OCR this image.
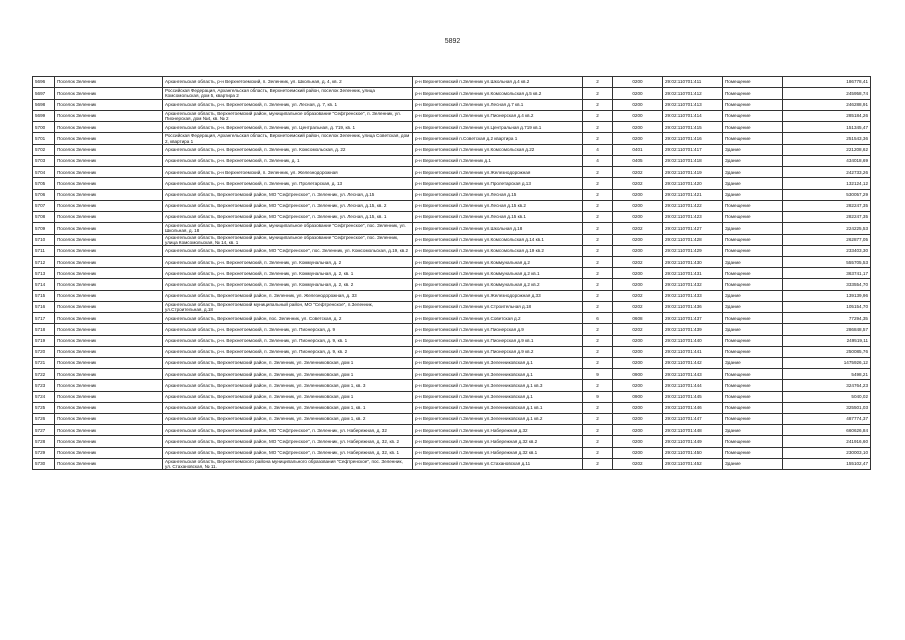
5892
5696	Поселок Зеленник	Архангельская область, р-н Верхнетоемский, п. Зеленник, ул. Школьная, д. 4, кв. 2	р-н Верхнетоемский п.Зеленник ул.Школьная д.4 кв.2	2	0200	29:02:110701:411	Помещение	186778,41
5697	Поселок Зеленник	Российская Федерация, Архангельская область, Верхнетоемский район, поселок Зеленник, улица Комсомольская, дом 5, квартира 2	р-н Верхнетоемский п.Зеленник ул.Комсомольская д.5 кв.2	2	0200	29:02:110701:412	Помещение	245958,74
5698	Поселок Зеленник	Архангельская область, р-н. Верхнетоемский, п. Зеленник, ул. Лесная, д. 7, кв. 1	р-н Верхнетоемский п.Зеленник ул.Лесная д.7 кв.1	2	0200	29:02:110701:413	Помещение	246288,91
5699	Поселок Зеленник	Архангельская область, Верхнетоемский район, муниципальное образование "Сефтренское", п. Зеленник, ул. Пионерская, дом №4, кв. № 2	р-н Верхнетоемский п.Зеленник ул.Пионерская д.4 кв.2	2	0200	29:02:110701:414	Помещение	285184,26
5700	Поселок Зеленник	Архангельская область, р-н. Верхнетоемский, п. Зеленник, ул. Центральная, д. 719, кв. 1	р-н Верхнетоемский п.Зеленник ул.Центральная д.719 кв.1	2	0200	29:02:110701:415	Помещение	151345,47
5701	Поселок Зеленник	Российская Федерация, Архангельская область, Верхнетоемский район, поселок Зеленник, улица Советская, дом 2, квартира 1	р-н Верхнетоемский п.Советская д.2 квартира 1	2	0200	29:02:110701:416	Помещение	251543,36
5702	Поселок Зеленник	Архангельская область, р-н. Верхнетоемский, п. Зеленник, ул. Комсомольская, д. 22	р-н Верхнетоемский п.Зеленник ул.Комсомольская д.22	4	0401	29:02:110701:417	Здание	221208,62
5703	Поселок Зеленник	Архангельская область, р-н. Верхнетоемский, п. Зеленник, д. 1	р-н Верхнетоемский п.Зеленник д.1	4	0405	29:02:110701:418	Здание	434018,69
5704	Поселок Зеленник	Архангельская область, р-н Верхнетоемский, п. Зеленник, ул. Железнодорожная	р-н Верхнетоемский п.Зеленник ул.Железнодорожная	2	0202	29:02:110701:419	Здание	242733,26
5705	Поселок Зеленник	Архангельская область, р-н. Верхнетоемский, п. Зеленник, ул. Пролетарская, д. 13	р-н Верхнетоемский п.Зеленник ул.Пролетарская д.13	2	0202	29:02:110701:420	Здание	132124,12
5706	Поселок Зеленник	Архангельская область, Верхнетоемский район, МО "Сефтренское", п. Зеленник, ул. Лесная, д.15	р-н Верхнетоемский п.Зеленник ул.Лесная д.15	2	0200	29:02:110701:421	Здание	530057,29
5707	Поселок Зеленник	Архангельская область, Верхнетоемский район, МО "Сефтренское", п. Зеленник, ул. Лесная, д.15, кв. 2	р-н Верхнетоемский п.Зеленник ул.Лесная д.15 кв.2	2	0200	29:02:110701:422	Помещение	282247,35
5708	Поселок Зеленник	Архангельская область, Верхнетоемский район, МО "Сефтренское", п. Зеленник, ул. Лесная, д.15, кв. 1	р-н Верхнетоемский п.Зеленник ул.Лесная д.15 кв.1	2	0200	29:02:110701:423	Помещение	282247,35
5709	Поселок Зеленник	Архангельская область, Верхнетоемский район, муниципальное образование "Сефтренское", пос. Зеленник, ул. Школьная, д. 18	р-н Верхнетоемский п.Зеленник ул.Школьная д.18	2	0202	29:02:110701:427	Здание	224225,53
5710	Поселок Зеленник	Архангельская область, Верхнетоемский район, муниципальное образование "Сефтренское", пос. Зеленник, улица Комсомольская, № 14, кв. 1	р-н Верхнетоемский п.Зеленник ул.Комсомольская д.14 кв.1	2	0200	29:02:110701:428	Помещение	262877,05
5711	Поселок Зеленник	Архангельская область, Верхнетоемский район, МО "Сефтренское", пос. Зеленник, ул. Комсомольская, д.19, кв.2	р-н Верхнетоемский п.Зеленник ул.Комсомольская д.19 кв.2	2	0200	29:02:110701:429	Помещение	233403,30
5712	Поселок Зеленник	Архангельская область, р-н. Верхнетоемский, п. Зеленник, ул. Коммунальная, д. 2	р-н Верхнетоемский п.Зеленник ул.Коммунальная д.2	2	0202	29:02:110701:430	Здание	555705,53
5713	Поселок Зеленник	Архангельская область, р-н. Верхнетоемский, п. Зеленник, ул. Коммунальная, д. 2, кв. 1	р-н Верхнетоемский п.Зеленник ул.Коммунальная д.2 кв.1	2	0200	29:02:110701:431	Помещение	363741,17
5714	Поселок Зеленник	Архангельская область, р-н. Верхнетоемский, п. Зеленник, ул. Коммунальная, д. 2, кв. 2	р-н Верхнетоемский п.Зеленник ул.Коммунальная д.2 кв.2	2	0200	29:02:110701:432	Помещение	333554,70
5715	Поселок Зеленник	Архангельская область, Верхнетоемский район, п. Зеленник, ул. Железнодорожная, д. 33	р-н Верхнетоемский п.Зеленник ул.Железнодорожная д.33	2	0202	29:02:110701:433	Здание	139139,96
5716	Поселок Зеленник	Архангельская область, Верхнетоемский муниципальный район, МО "Сефтренское", п.Зеленник, ул.Строительная, д.18	р-н Верхнетоемский п.Зеленник ул.Строительная д.18	2	0202	29:02:110701:436	Здание	105154,70
5717	Поселок Зеленник	Архангельская область, Верхнетоемский район, пос. Зеленник, ул. Советская, д. 2	р-н Верхнетоемский п.Зеленник ул.Советская д.2	6	0608	29:02:110701:437	Помещение	77294,35
5718	Поселок Зеленник	Архангельская область, р-н. Верхнетоемский, п. Зеленник, ул. Пионерская, д. 9	р-н Верхнетоемский п.Зеленник ул.Пионерская д.9	2	0202	29:02:110701:439	Здание	286848,57
5719	Поселок Зеленник	Архангельская область, р-н. Верхнетоемский, п. Зеленник, ул. Пионерская, д. 9, кв. 1	р-н Верхнетоемский п.Зеленник ул.Пионерская д.9 кв.1	2	0200	29:02:110701:440	Помещение	249519,11
5720	Поселок Зеленник	Архангельская область, р-н. Верхнетоемский, п. Зеленник, ул. Пионерская, д. 9, кв. 2	р-н Верхнетоемский п.Зеленник ул.Пионерская д.9 кв.2	2	0200	29:02:110701:441	Помещение	250085,76
5721	Поселок Зеленник	Архангельская область, Верхнетоемский район, п. Зеленник, ул. Зеленниковская, дом 1	р-н Верхнетоемский п.Зеленник ул.Зеленниковская д.1	2	0200	29:02:110701:442	Здание	1475926,12
5722	Поселок Зеленник	Архангельская область, Верхнетоемский район, п. Зеленник, ул. Зеленниковская, дом 1	р-н Верхнетоемский п.Зеленник ул.Зеленниковская д.1	9	0900	29:02:110701:443	Помещение	5498,21
5723	Поселок Зеленник	Архангельская область, Верхнетоемский район, п. Зеленник, ул. Зеленниковская, дом 1, кв. 3	р-н Верхнетоемский п.Зеленник ул.Зеленниковская д.1 кв.3	2	0200	29:02:110701:444	Помещение	324764,23
5724	Поселок Зеленник	Архангельская область, Верхнетоемский район, п. Зеленник, ул. Зеленниковская, дом 1	р-н Верхнетоемский п.Зеленник ул.Зеленниковская д.1	9	0900	29:02:110701:445	Помещение	5040,02
5725	Поселок Зеленник	Архангельская область, Верхнетоемский район, п. Зеленник, ул. Зеленниковская, дом 1, кв. 1	р-н Верхнетоемский п.Зеленник ул.Зеленниковская д.1 кв.1	2	0200	29:02:110701:446	Помещение	325501,03
5726	Поселок Зеленник	Архангельская область, Верхнетоемский район, п. Зеленник, ул. Зеленниковская, дом 1, кв. 2	р-н Верхнетоемский п.Зеленник ул.Зеленниковская д.1 кв.2	2	0200	29:02:110701:447	Помещение	487774,37
5727	Поселок Зеленник	Архангельская область, Верхнетоемский район, МО "Сефтренское", п. Зеленник, ул. Набережная, д. 32	р-н Верхнетоемский п.Зеленник ул.Набережная д.32	2	0200	29:02:110701:448	Здание	660626,84
5728	Поселок Зеленник	Архангельская область, Верхнетоемский район, МО "Сефтренское", п. Зеленник, ул. Набережная, д. 32, кв. 2	р-н Верхнетоемский п.Зеленник ул.Набережная д.32 кв.2	2	0200	29:02:110701:449	Помещение	241916,60
5729	Поселок Зеленник	Архангельская область, Верхнетоемский район, МО "Сефтренское", п. Зеленник, ул. Набережная, д. 32, кв. 1	р-н Верхнетоемский п.Зеленник ул.Набережная д.32 кв.1	2	0200	29:02:110701:450	Помещение	230003,10
5730	Поселок Зеленник	Архангельская область, Верхнетоемского района муниципального образования "Сефтренское", пос. Зеленник, ул. Стахановская, № 11.	р-н Верхнетоемский п.Зеленник ул.Стахановская д.11	2	0202	29:02:110701:452	Здание	155102,47
